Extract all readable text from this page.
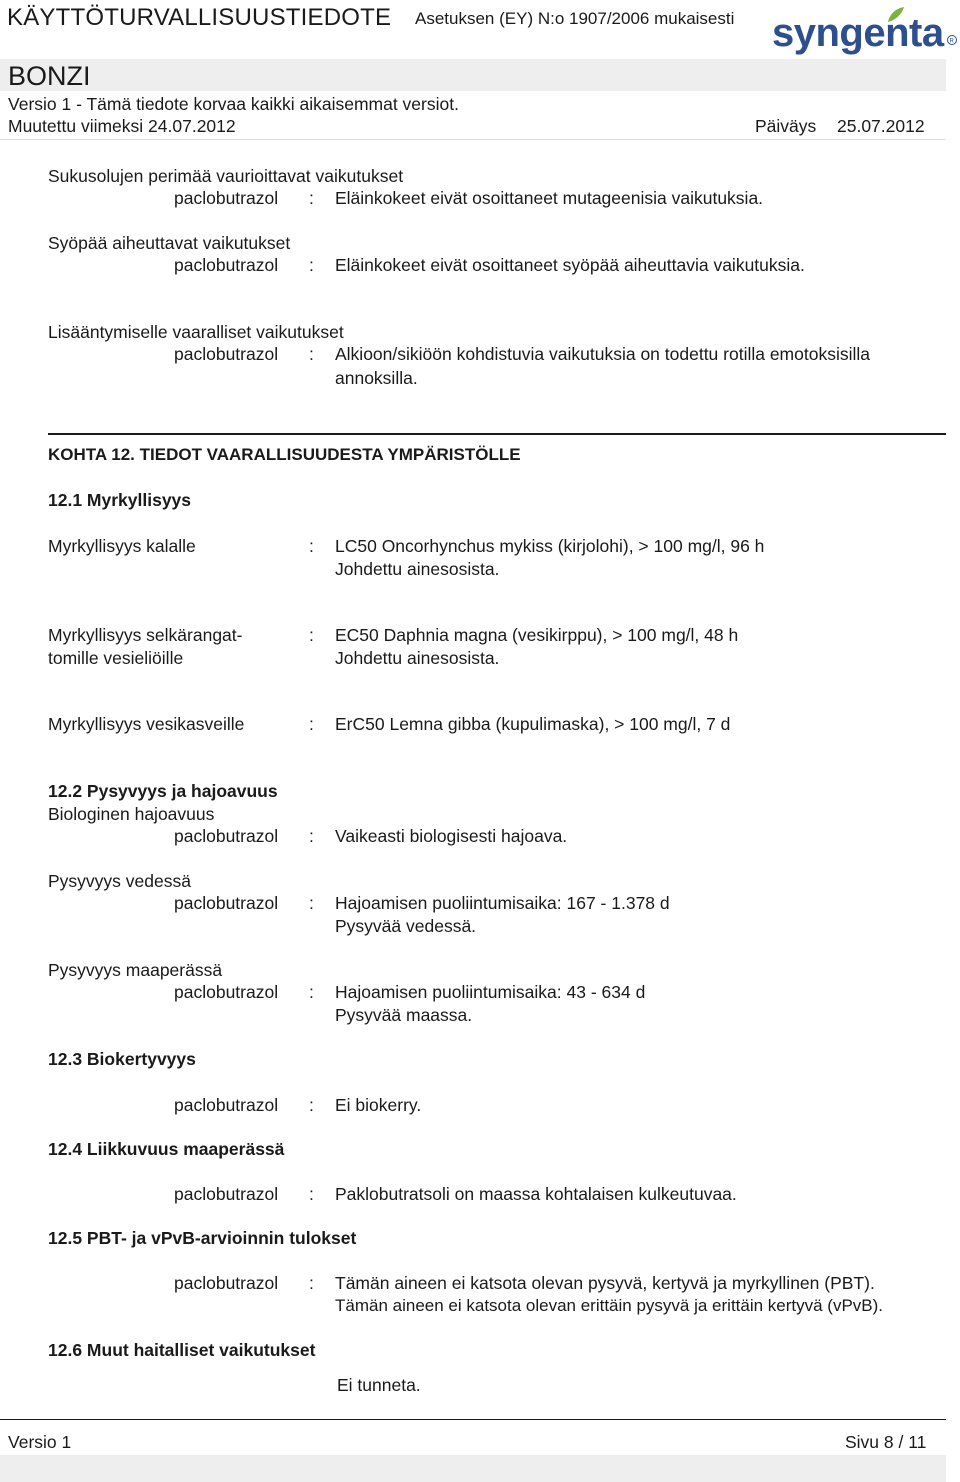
KÄYTTÖTURVALLISUUSTIEDOTE Asetuksen (EY) N:o 1907/2006 mukaisesti syngenta R
BONZI
Versio 1 - Tämä tiedote korvaa kaikki aikaisemmat versiot.
Muutettu viimeksi 24.07.2012	Päiväys 25.07.2012
Sukusolujen perimää vaurioittavat vaikutukset
paclobutrazol : Eläinkokeet eivät osoittaneet mutageenisia vaikutuksia.
Syöpää aiheuttavat vaikutukset
paclobutrazol : Eläinkokeet eivät osoittaneet syöpää aiheuttavia vaikutuksia.
Lisääntymiselle vaaralliset vaikutukset
paclobutrazol : Alkioon/sikiöön kohdistuvia vaikutuksia on todettu rotilla emotoksisilla
annoksilla.
KOHTA 12. TIEDOT VAARALLISUUDESTA YMPÄRISTÖLLE
12.1 Myrkyllisyys
Myrkyllisyys kalalle	: LC50 Oncorhynchus mykiss (kirjolohi), > 100 mg/l, 96 h
Johdettu ainesosista.
Myrkyllisyys selkärangat-
tomille vesieliöille
: EC50 Daphnia magna (vesikirppu), > 100 mg/l, 48 h
Johdettu ainesosista.
Myrkyllisyys vesikasveille	: ErC50 Lemna gibba (kupulimaska), > 100 mg/l, 7 d
12.2 Pysyvyys ja hajoavuus
Biologinen hajoavuus
paclobutrazol : Vaikeasti biologisesti hajoava.
Pysyvyys vedessä
paclobutrazol : Hajoamisen puoliintumisaika: 167 - 1.378 d
Pysyvää vedessä.
Pysyvyys maaperässä
paclobutrazol : Hajoamisen puoliintumisaika: 43 - 634 d
Pysyvää maassa.
12.3 Biokertyvyys
paclobutrazol : Ei biokerry.
12.4 Liikkuvuus maaperässä
paclobutrazol : Paklobutratsoli on maassa kohtalaisen kulkeutuvaa.
12.5 PBT- ja vPvB-arvioinnin tulokset
paclobutrazol : Tämän aineen ei katsota olevan pysyvä, kertyvä ja myrkyllinen (PBT).
Tämän aineen ei katsota olevan erittäin pysyvä ja erittäin kertyvä (vPvB).
12.6 Muut haitalliset vaikutukset
Ei tunneta.
Versio 1	Sivu 8 / 11
